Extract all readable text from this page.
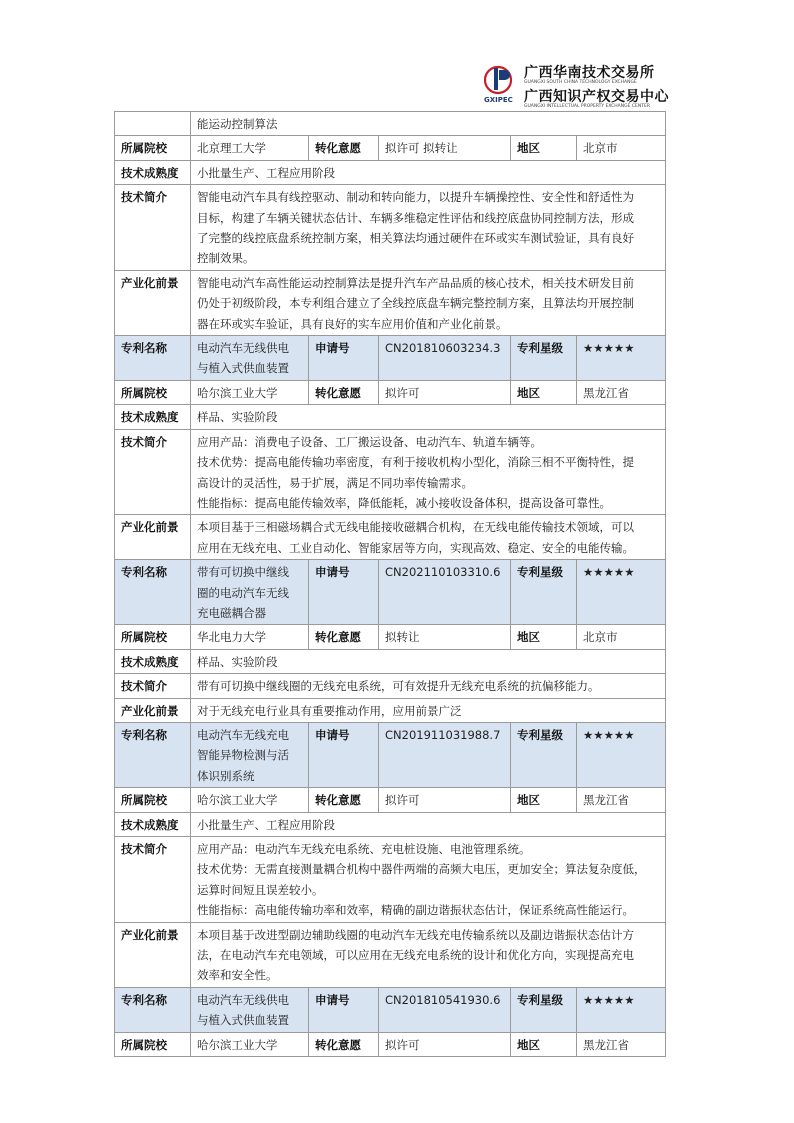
GXIPEC
广西华南技术交易所
GUANGXI SOUTH CHINA TECHNOLOGY EXCHANGE
广西知识产权交易中心
GUANGXI INTELLECTUAL PROPERTY EXCHANGE CENTER
	能运动控制算法				
所属院校	北京理工大学	转化意愿	拟许可 拟转让	地区	北京市
技术成熟度	小批量生产、工程应用阶段				
技术简介	智能电动汽车具有线控驱动、制动和转向能力，以提升车辆操控性、安全性和舒适性为
目标，构建了车辆关键状态估计、车辆多维稳定性评估和线控底盘协同控制方法，形成
了完整的线控底盘系统控制方案，相关算法均通过硬件在环或实车测试验证，具有良好
控制效果。				

产业化前景	智能电动汽车高性能运动控制算法是提升汽车产品品质的核心技术，相关技术研发目前
仍处于初级阶段，本专利组合建立了全线控底盘车辆完整控制方案，且算法均开展控制
器在环或实车验证，具有良好的实车应用价值和产业化前景。				

专利名称	电动汽车无线供电
与植入式供血装置	申请号	CN201810603234.3	专利星级	★★★★★
所属院校	哈尔滨工业大学	转化意愿	拟许可	地区	黑龙江省
技术成熟度	样品、实验阶段				
技术简介	应用产品：消费电子设备、工厂搬运设备、电动汽车、轨道车辆等。
技术优势：提高电能传输功率密度，有利于接收机构小型化，消除三相不平衡特性，提
高设计的灵活性，易于扩展，满足不同功率传输需求。
性能指标：提高电能传输效率，降低能耗，减小接收设备体积，提高设备可靠性。				

产业化前景	本项目基于三相磁场耦合式无线电能接收磁耦合机构，在无线电能传输技术领域，可以
应用在无线充电、工业自动化、智能家居等方向，实现高效、稳定、安全的电能传输。				

专利名称	带有可切换中继线
圈的电动汽车无线
充电磁耦合器	申请号	CN202110103310.6	专利星级	★★★★★
所属院校	华北电力大学	转化意愿	拟转让	地区	北京市
技术成熟度	样品、实验阶段				
技术简介	带有可切换中继线圈的无线充电系统，可有效提升无线充电系统的抗偏移能力。				
产业化前景	对于无线充电行业具有重要推动作用，应用前景广泛				
专利名称	电动汽车无线充电
智能异物检测与活
体识别系统	申请号	CN201911031988.7	专利星级	★★★★★
所属院校	哈尔滨工业大学	转化意愿	拟许可	地区	黑龙江省
技术成熟度	小批量生产、工程应用阶段				
技术简介	应用产品：电动汽车无线充电系统、充电桩设施、电池管理系统。
技术优势：无需直接测量耦合机构中器件两端的高频大电压，更加安全；算法复杂度低，
运算时间短且误差较小。
性能指标：高电能传输功率和效率，精确的副边谐振状态估计，保证系统高性能运行。				

产业化前景	本项目基于改进型副边辅助线圈的电动汽车无线充电传输系统以及副边谐振状态估计方
法，在电动汽车充电领域，可以应用在无线充电系统的设计和优化方向，实现提高充电
效率和安全性。				

专利名称	电动汽车无线供电
与植入式供血装置	申请号	CN201810541930.6	专利星级	★★★★★
所属院校	哈尔滨工业大学	转化意愿	拟许可	地区	黑龙江省
